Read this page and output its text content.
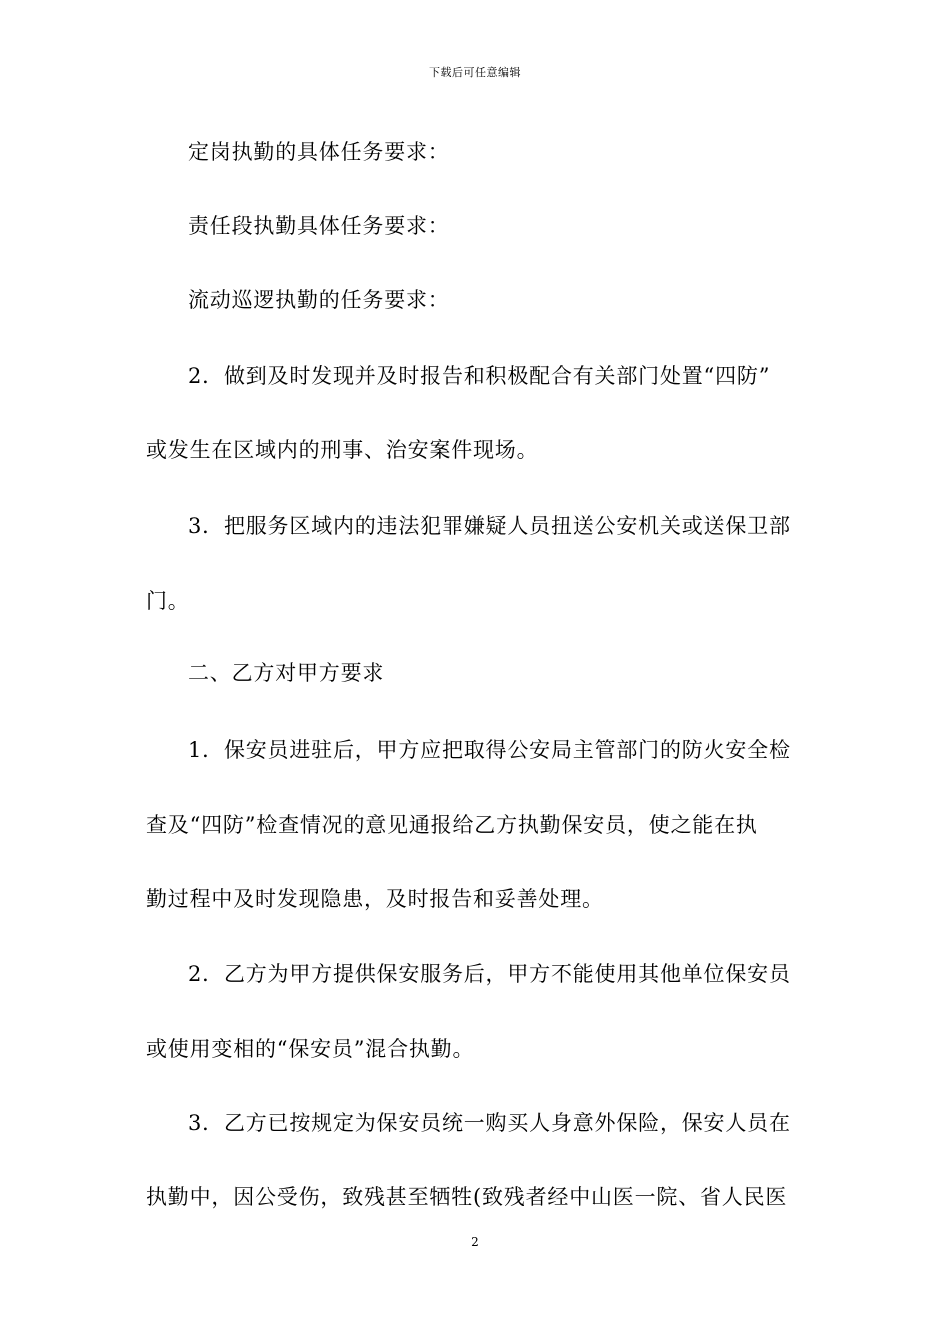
下载后可任意编辑
定岗执勤的具体任务要求：
责任段执勤具体任务要求：
流动巡逻执勤的任务要求：
2．做到及时发现并及时报告和积极配合有关部门处置“四防”
或发生在区域内的刑事、治安案件现场。
3．把服务区域内的违法犯罪嫌疑人员扭送公安机关或送保卫部
门。
二、乙方对甲方要求
1．保安员进驻后，甲方应把取得公安局主管部门的防火安全检
查及“四防”检查情况的意见通报给乙方执勤保安员，使之能在执
勤过程中及时发现隐患，及时报告和妥善处理。
2．乙方为甲方提供保安服务后，甲方不能使用其他单位保安员
或使用变相的“保安员”混合执勤。
3．乙方已按规定为保安员统一购买人身意外保险，保安人员在
执勤中，因公受伤，致残甚至牺牲(致残者经中山医一院、省人民医
2
